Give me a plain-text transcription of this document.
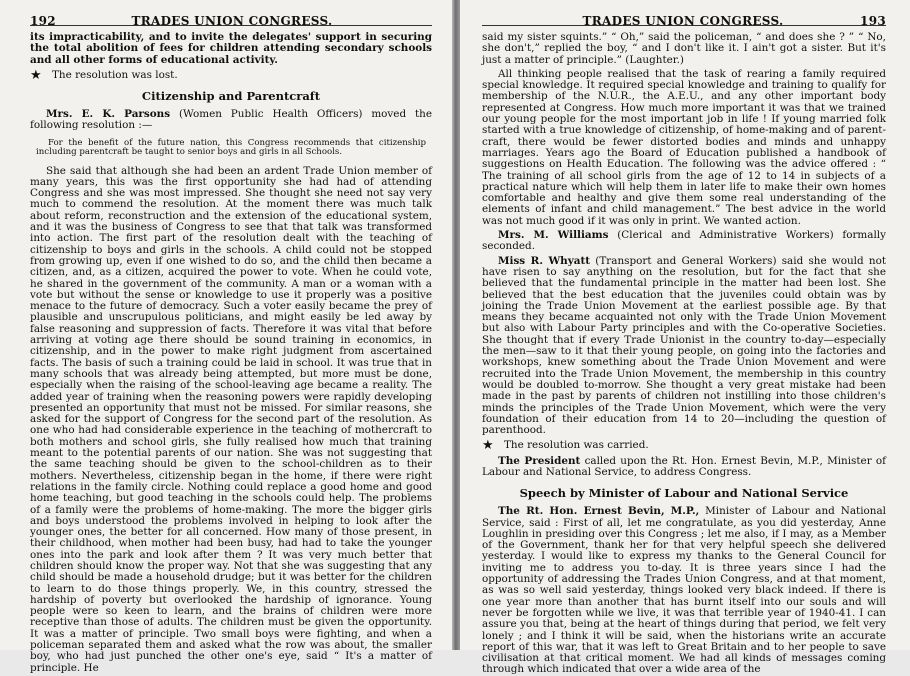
192	TRADES UNION CONGRESS.

its impracticability, and to invite the delegates' support in securing the total abolition of fees for children attending secondary schools and all other forms of educational activity.

★ The resolution was lost.
Citizenship and Parentcraft

Mrs. E. K. Parsons (Women Public Health Officers) moved the following resolution :—

For the benefit of the future nation, this Congress recommends that citizenship including parentcraft be taught to senior boys and girls in all Schools.

She said that although she had been an ardent Trade Union member of many years, this was the first opportunity she had had of attending Congress and she was most impressed. She thought she need not say very much to commend the resolution. At the moment there was much talk about reform, reconstruction and the extension of the educational system, and it was the business of Congress to see that that talk was transformed into action. The first part of the resolution dealt with the teaching of citizenship to boys and girls in the schools. A child could not be stopped from growing up, even if one wished to do so, and the child then became a citizen, and, as a citizen, acquired the power to vote. When he could vote, he shared in the government of the community. A man or a woman with a vote but without the sense or knowledge to use it properly was a positive menace to the future of democracy. Such a voter easily became the prey of plausible and unscrupulous politicians, and might easily be led away by false reasoning and suppression of facts. Therefore it was vital that before arriving at voting age there should be sound training in economics, in citizenship, and in the power to make right judgment from ascertained facts. The basis of such a training could be laid in school. It was true that in many schools that was already being attempted, but more must be done, especially when the raising of the school-leaving age became a reality. The added year of training when the reasoning powers were rapidly developing presented an opportunity that must not be missed. For similar reasons, she asked for the support of Congress for the second part of the resolution. As one who had had considerable experience in the teaching of mothercraft to both mothers and school girls, she fully realised how much that training meant to the potential parents of our nation. She was not suggesting that the same teaching should be given to the school-children as to their mothers. Nevertheless, citizenship began in the home, if there were right relations in the family circle. Nothing could replace a good home and good home teaching, but good teaching in the schools could help. The problems of a family were the problems of home-making. The more the bigger girls and boys understood the problems involved in helping to look after the younger ones, the better for all concerned. How many of those present, in their childhood, when mother had been busy, had had to take the younger ones into the park and look after them ? It was very much better that children should know the proper way. Not that she was suggesting that any child should be made a household drudge; but it was better for the children to learn to do those things properly. We, in this country, stressed the hardship of poverty but overlooked the hardship of ignorance. Young people were so keen to learn, and the brains of children were more receptive than those of adults. The children must be given the opportunity. It was a matter of principle. Two small boys were fighting, and when a policeman separated them and asked what the row was about, the smaller boy, who had just punched the other one's eye, said “ It's a matter of principle. He

TRADES UNION CONGRESS.	193

said my sister squints.” “ Oh,” said the policeman, “ and does she ? ” “ No, she don't,” replied the boy, “ and I don't like it. I ain't got a sister. But it's just a matter of principle.” (Laughter.)

All thinking people realised that the task of rearing a family required special knowledge. It required special knowledge and training to qualify for membership of the N.U.R., the A.E.U., and any other important body represented at Congress. How much more important it was that we trained our young people for the most important job in life ! If young married folk started with a true knowledge of citizenship, of home-making and of parent-craft, there would be fewer distorted bodies and minds and unhappy marriages. Years ago the Board of Education published a handbook of suggestions on Health Education. The following was the advice offered : “ The training of all school girls from the age of 12 to 14 in subjects of a practical nature which will help them in later life to make their own homes comfortable and healthy and give them some real understanding of the elements of infant and child management.” The best advice in the world was not much good if it was only in print. We wanted action.

Mrs. M. Williams (Clerical and Administrative Workers) formally seconded.

Miss R. Whyatt (Transport and General Workers) said she would not have risen to say anything on the resolution, but for the fact that she believed that the fundamental principle in the matter had been lost. She believed that the best education that the juveniles could obtain was by joining the Trade Union Movement at the earliest possible age. By that means they became acquainted not only with the Trade Union Movement but also with Labour Party principles and with the Co-operative Societies. She thought that if every Trade Unionist in the country to-day—especially the men—saw to it that their young people, on going into the factories and workshops, knew something about the Trade Union Movement and were recruited into the Trade Union Movement, the membership in this country would be doubled to-morrow. She thought a very great mistake had been made in the past by parents of children not instilling into those children's minds the principles of the Trade Union Movement, which were the very foundation of their education from 14 to 20—including the question of parenthood.

★ The resolution was carried.

The President called upon the Rt. Hon. Ernest Bevin, M.P., Minister of Labour and National Service, to address Congress.

Speech by Minister of Labour and National Service

The Rt. Hon. Ernest Bevin, M.P., Minister of Labour and National Service, said : First of all, let me congratulate, as you did yesterday, Anne Loughlin in presiding over this Congress ; let me also, if I may, as a Member of the Government, thank her for that very helpful speech she delivered yesterday. I would like to express my thanks to the General Council for inviting me to address you to-day. It is three years since I had the opportunity of addressing the Trades Union Congress, and at that moment, as was so well said yesterday, things looked very black indeed. If there is one year more than another that has burnt itself into our souls and will never be forgotten while we live, it was that terrible year of 1940-41. I can assure you that, being at the heart of things during that period, we felt very lonely ; and I think it will be said, when the historians write an accurate report of this war, that it was left to Great Britain and to her people to save civilisation at that critical moment. We had all kinds of messages coming through which indicated that over a wide area of the
